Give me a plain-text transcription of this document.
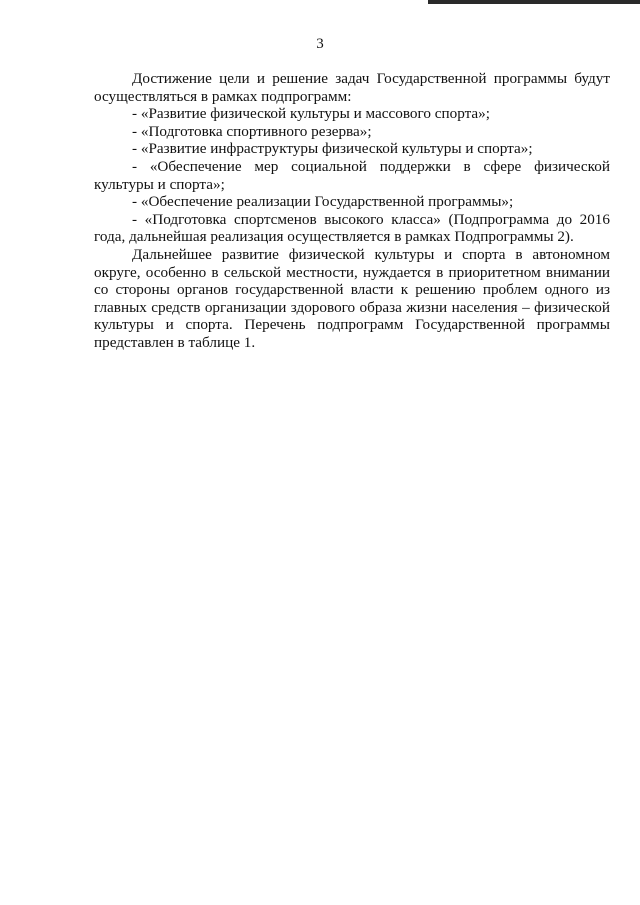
3

Достижение цели и решение задач Государственной программы будут осуществляться в рамках подпрограмм:

- «Развитие физической культуры и массового спорта»;
- «Подготовка спортивного резерва»;
- «Развитие инфраструктуры физической культуры и спорта»;
- «Обеспечение мер социальной поддержки в сфере физической культуры и спорта»;
- «Обеспечение реализации Государственной программы»;
- «Подготовка спортсменов высокого класса» (Подпрограмма до 2016 года, дальнейшая реализация осуществляется в рамках Подпрограммы 2).

Дальнейшее развитие физической культуры и спорта в автономном округе, особенно в сельской местности, нуждается в приоритетном внимании со стороны органов государственной власти к решению проблем одного из главных средств организации здорового образа жизни населения – физической культуры и спорта. Перечень подпрограмм Государственной программы представлен в таблице 1.
